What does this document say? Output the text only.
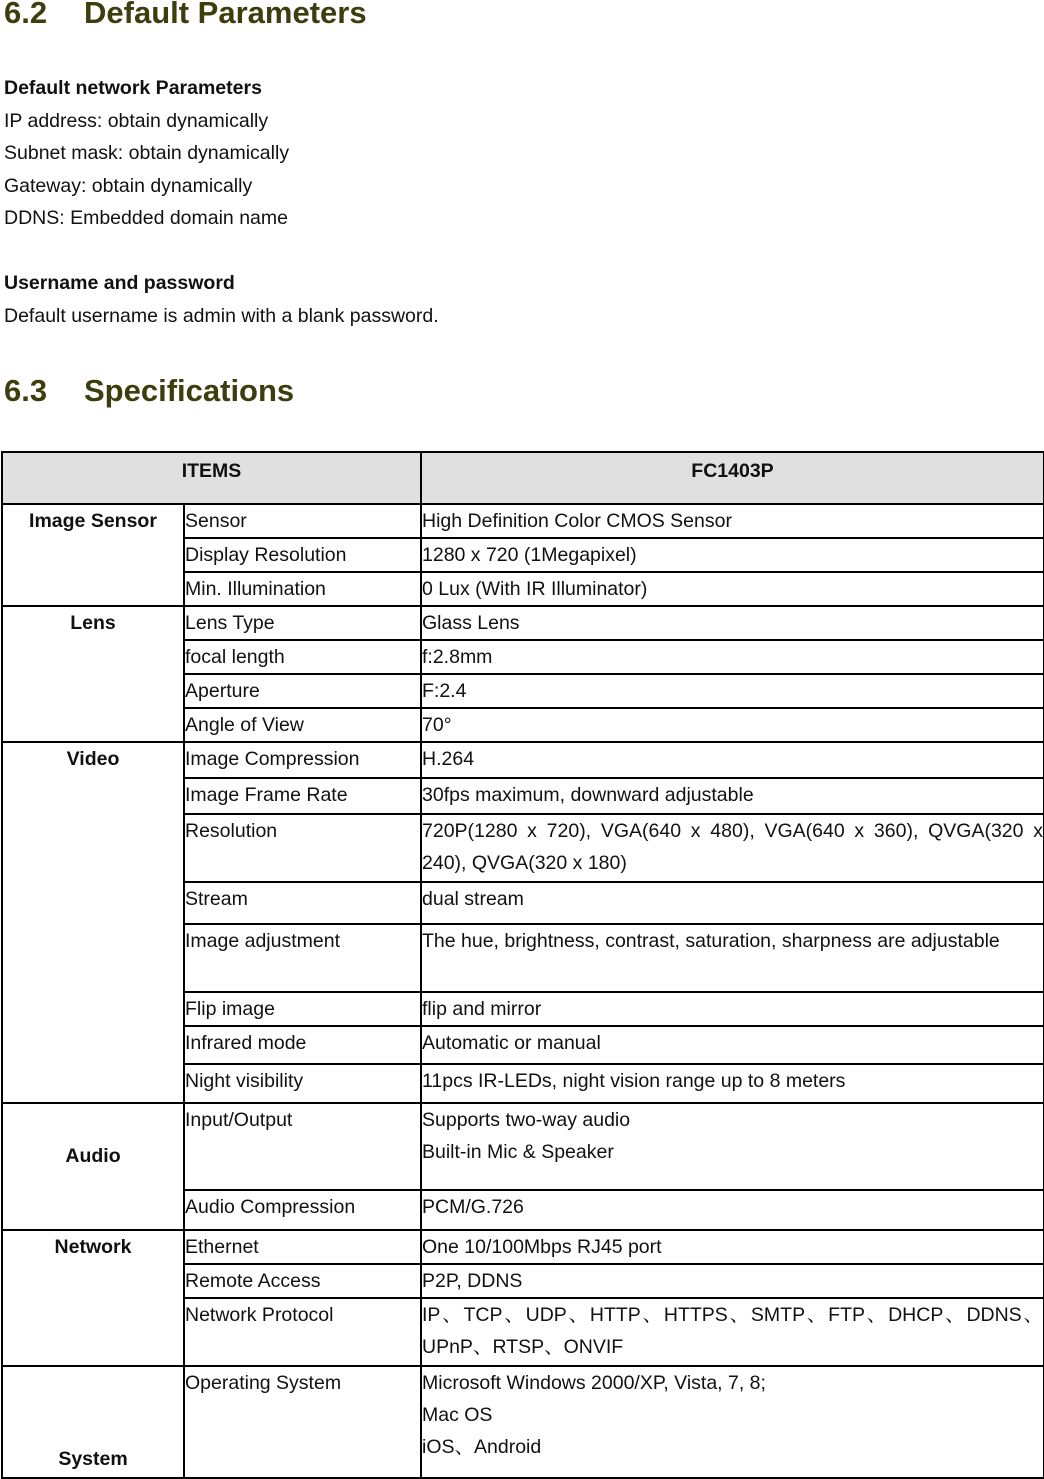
6.2 Default Parameters

Default network Parameters

IP address: obtain dynamically

Subnet mask: obtain dynamically

Gateway: obtain dynamically

DDNS: Embedded domain name

Username and password

Default username is admin with a blank password.

6.3 Specifications
ITEMS		FC1403P
Image Sensor	Sensor	High Definition Color CMOS Sensor
	Display Resolution	1280 x 720 (1Megapixel)
	Min. Illumination	0 Lux (With IR Illuminator)
Lens	Lens Type	Glass Lens
	focal length	f:2.8mm
	Aperture	F:2.4
	Angle of View	70°
Video	Image Compression	H.264
	Image Frame Rate	30fps maximum, downward adjustable
	Resolution	720P(1280 x 720), VGA(640 x 480), VGA(640 x 360), QVGA(320 x 240), QVGA(320 x 180)
	Stream	dual stream
	Image adjustment	The hue, brightness, contrast, saturation, sharpness are adjustable
	Flip image	flip and mirror
	Infrared mode	Automatic or manual
	Night visibility	11pcs IR-LEDs, night vision range up to 8 meters
Audio	Input/Output	Supports two-way audio
Built-in Mic & Speaker

	Audio Compression	PCM/G.726
Network	Ethernet	One 10/100Mbps RJ45 port
	Remote Access	P2P, DDNS
	Network Protocol	IP、TCP、UDP、HTTP、HTTPS、SMTP、FTP、DHCP、DDNS、UPnP、RTSP、ONVIF
System	Operating System	Microsoft Windows 2000/XP, Vista, 7, 8;
Mac OS
iOS、Android
